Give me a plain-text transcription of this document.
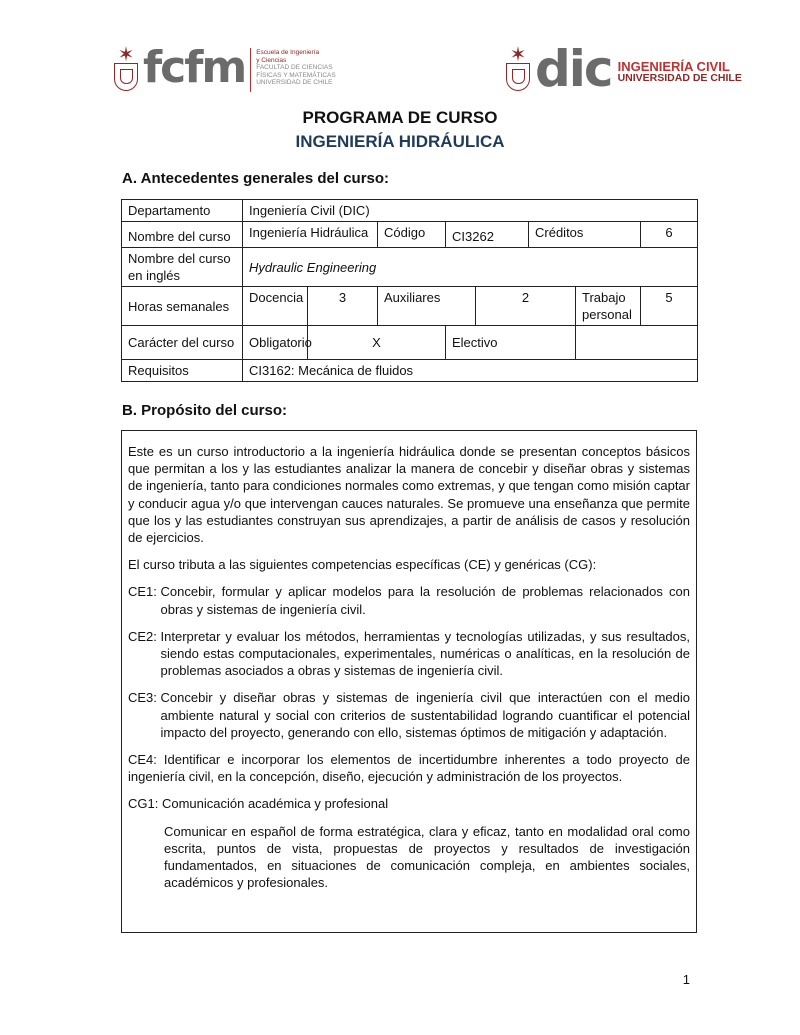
✶ fcfm Escuela de Ingeniería
y Ciencias
FACULTAD DE CIENCIAS
FÍSICAS Y MATEMÁTICAS
UNIVERSIDAD DE CHILE
✶ dic INGENIERÍA CIVIL
UNIVERSIDAD DE CHILE
PROGRAMA DE CURSO
INGENIERÍA HIDRÁULICA
A. Antecedentes generales del curso:
Departamento	Ingeniería Civil (DIC)							
Nombre del curso	Ingeniería Hidráulica		Código	CI3262		Créditos		6
Nombre del curso en inglés	Hydraulic Engineering							
Horas semanales	Docencia	3	Auxiliares		2		Trabajo personal	5
Carácter del curso	Obligatorio	X		Electivo				
Requisitos	CI3162: Mecánica de fluidos							
B. Propósito del curso:

Este es un curso introductorio a la ingeniería hidráulica donde se presentan conceptos básicos que permitan a los y las estudiantes analizar la manera de concebir y diseñar obras y sistemas de ingeniería, tanto para condiciones normales como extremas, y que tengan como misión captar y conducir agua y/o que intervengan cauces naturales. Se promueve una enseñanza que permite que los y las estudiantes construyan sus aprendizajes, a partir de análisis de casos y resolución de ejercicios.

El curso tributa a las siguientes competencias específicas (CE) y genéricas (CG):

CE1: Concebir, formular y aplicar modelos para la resolución de problemas relacionados con obras y sistemas de ingeniería civil.
CE2: Interpretar y evaluar los métodos, herramientas y tecnologías utilizadas, y sus resultados, siendo estas computacionales, experimentales, numéricas o analíticas, en la resolución de problemas asociados a obras y sistemas de ingeniería civil.
CE3: Concebir y diseñar obras y sistemas de ingeniería civil que interactúen con el medio ambiente natural y social con criterios de sustentabilidad logrando cuantificar el potencial impacto del proyecto, generando con ello, sistemas óptimos de mitigación y adaptación.

CE4: Identificar e incorporar los elementos de incertidumbre inherentes a todo proyecto de ingeniería civil, en la concepción, diseño, ejecución y administración de los proyectos.

CG1: Comunicación académica y profesional

Comunicar en español de forma estratégica, clara y eficaz, tanto en modalidad oral como escrita, puntos de vista, propuestas de proyectos y resultados de investigación fundamentados, en situaciones de comunicación compleja, en ambientes sociales, académicos y profesionales.

1
